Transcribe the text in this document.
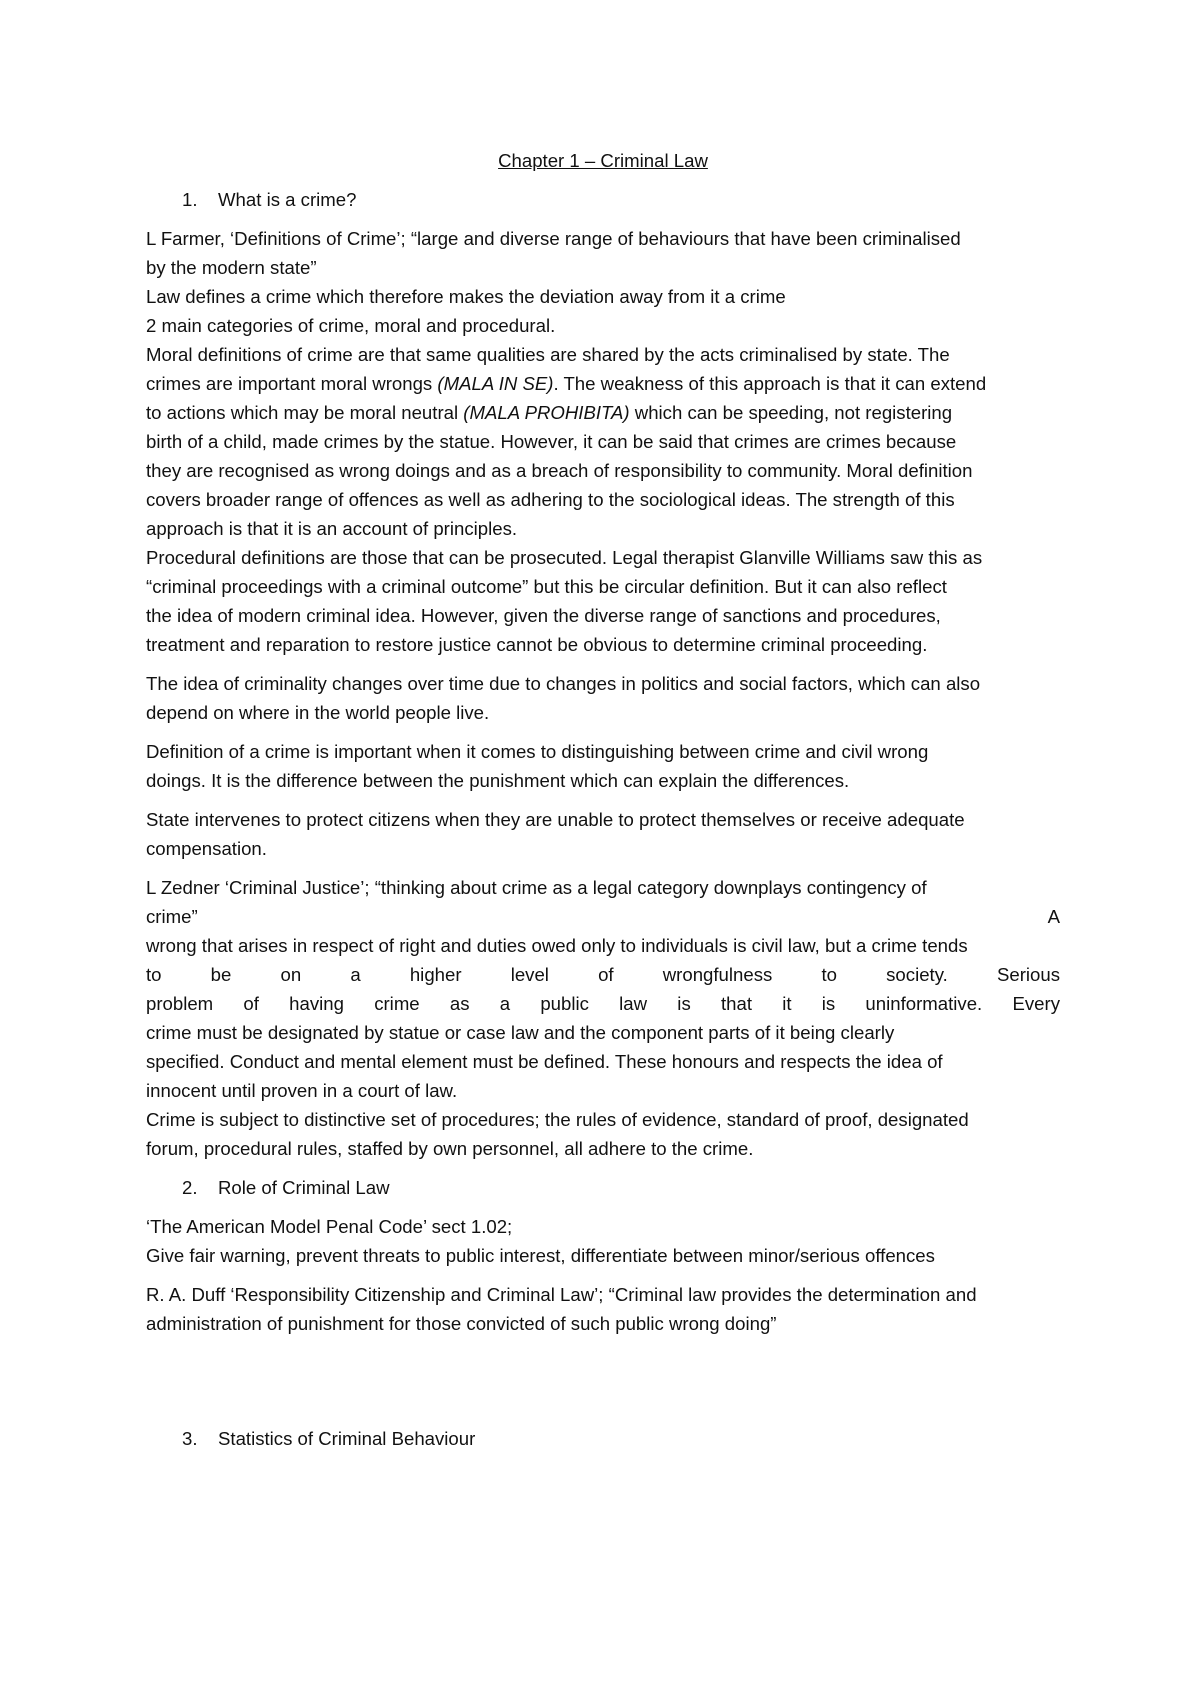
Chapter 1 – Criminal Law

1. What is a crime?

L Farmer, ‘Definitions of Crime’; “large and diverse range of behaviours that have been criminalised
by the modern state”
Law defines a crime which therefore makes the deviation away from it a crime
2 main categories of crime, moral and procedural.
Moral definitions of crime are that same qualities are shared by the acts criminalised by state. The
crimes are important moral wrongs (MALA IN SE). The weakness of this approach is that it can extend
to actions which may be moral neutral (MALA PROHIBITA) which can be speeding, not registering
birth of a child, made crimes by the statue. However, it can be said that crimes are crimes because
they are recognised as wrong doings and as a breach of responsibility to community. Moral definition
covers broader range of offences as well as adhering to the sociological ideas. The strength of this
approach is that it is an account of principles.
Procedural definitions are those that can be prosecuted. Legal therapist Glanville Williams saw this as
“criminal proceedings with a criminal outcome” but this be circular definition. But it can also reflect
the idea of modern criminal idea. However, given the diverse range of sanctions and procedures,
treatment and reparation to restore justice cannot be obvious to determine criminal proceeding.
The idea of criminality changes over time due to changes in politics and social factors, which can also
depend on where in the world people live.
Definition of a crime is important when it comes to distinguishing between crime and civil wrong
doings. It is the difference between the punishment which can explain the differences.
State intervenes to protect citizens when they are unable to protect themselves or receive adequate
compensation.
L Zedner ‘Criminal Justice’; “thinking about crime as a legal category downplays contingency of
crime” A
wrong that arises in respect of right and duties owed only to individuals is civil law, but a crime tends
to be on a higher level of wrongfulness to society. Serious
problem of having crime as a public law is that it is uninformative. Every
crime must be designated by statue or case law and the component parts of it being clearly
specified. Conduct and mental element must be defined. These honours and respects the idea of
innocent until proven in a court of law.
Crime is subject to distinctive set of procedures; the rules of evidence, standard of proof, designated
forum, procedural rules, staffed by own personnel, all adhere to the crime.

2. Role of Criminal Law

‘The American Model Penal Code’ sect 1.02;
Give fair warning, prevent threats to public interest, differentiate between minor/serious offences
R. A. Duff ‘Responsibility Citizenship and Criminal Law’; “Criminal law provides the determination and
administration of punishment for those convicted of such public wrong doing”

3. Statistics of Criminal Behaviour
